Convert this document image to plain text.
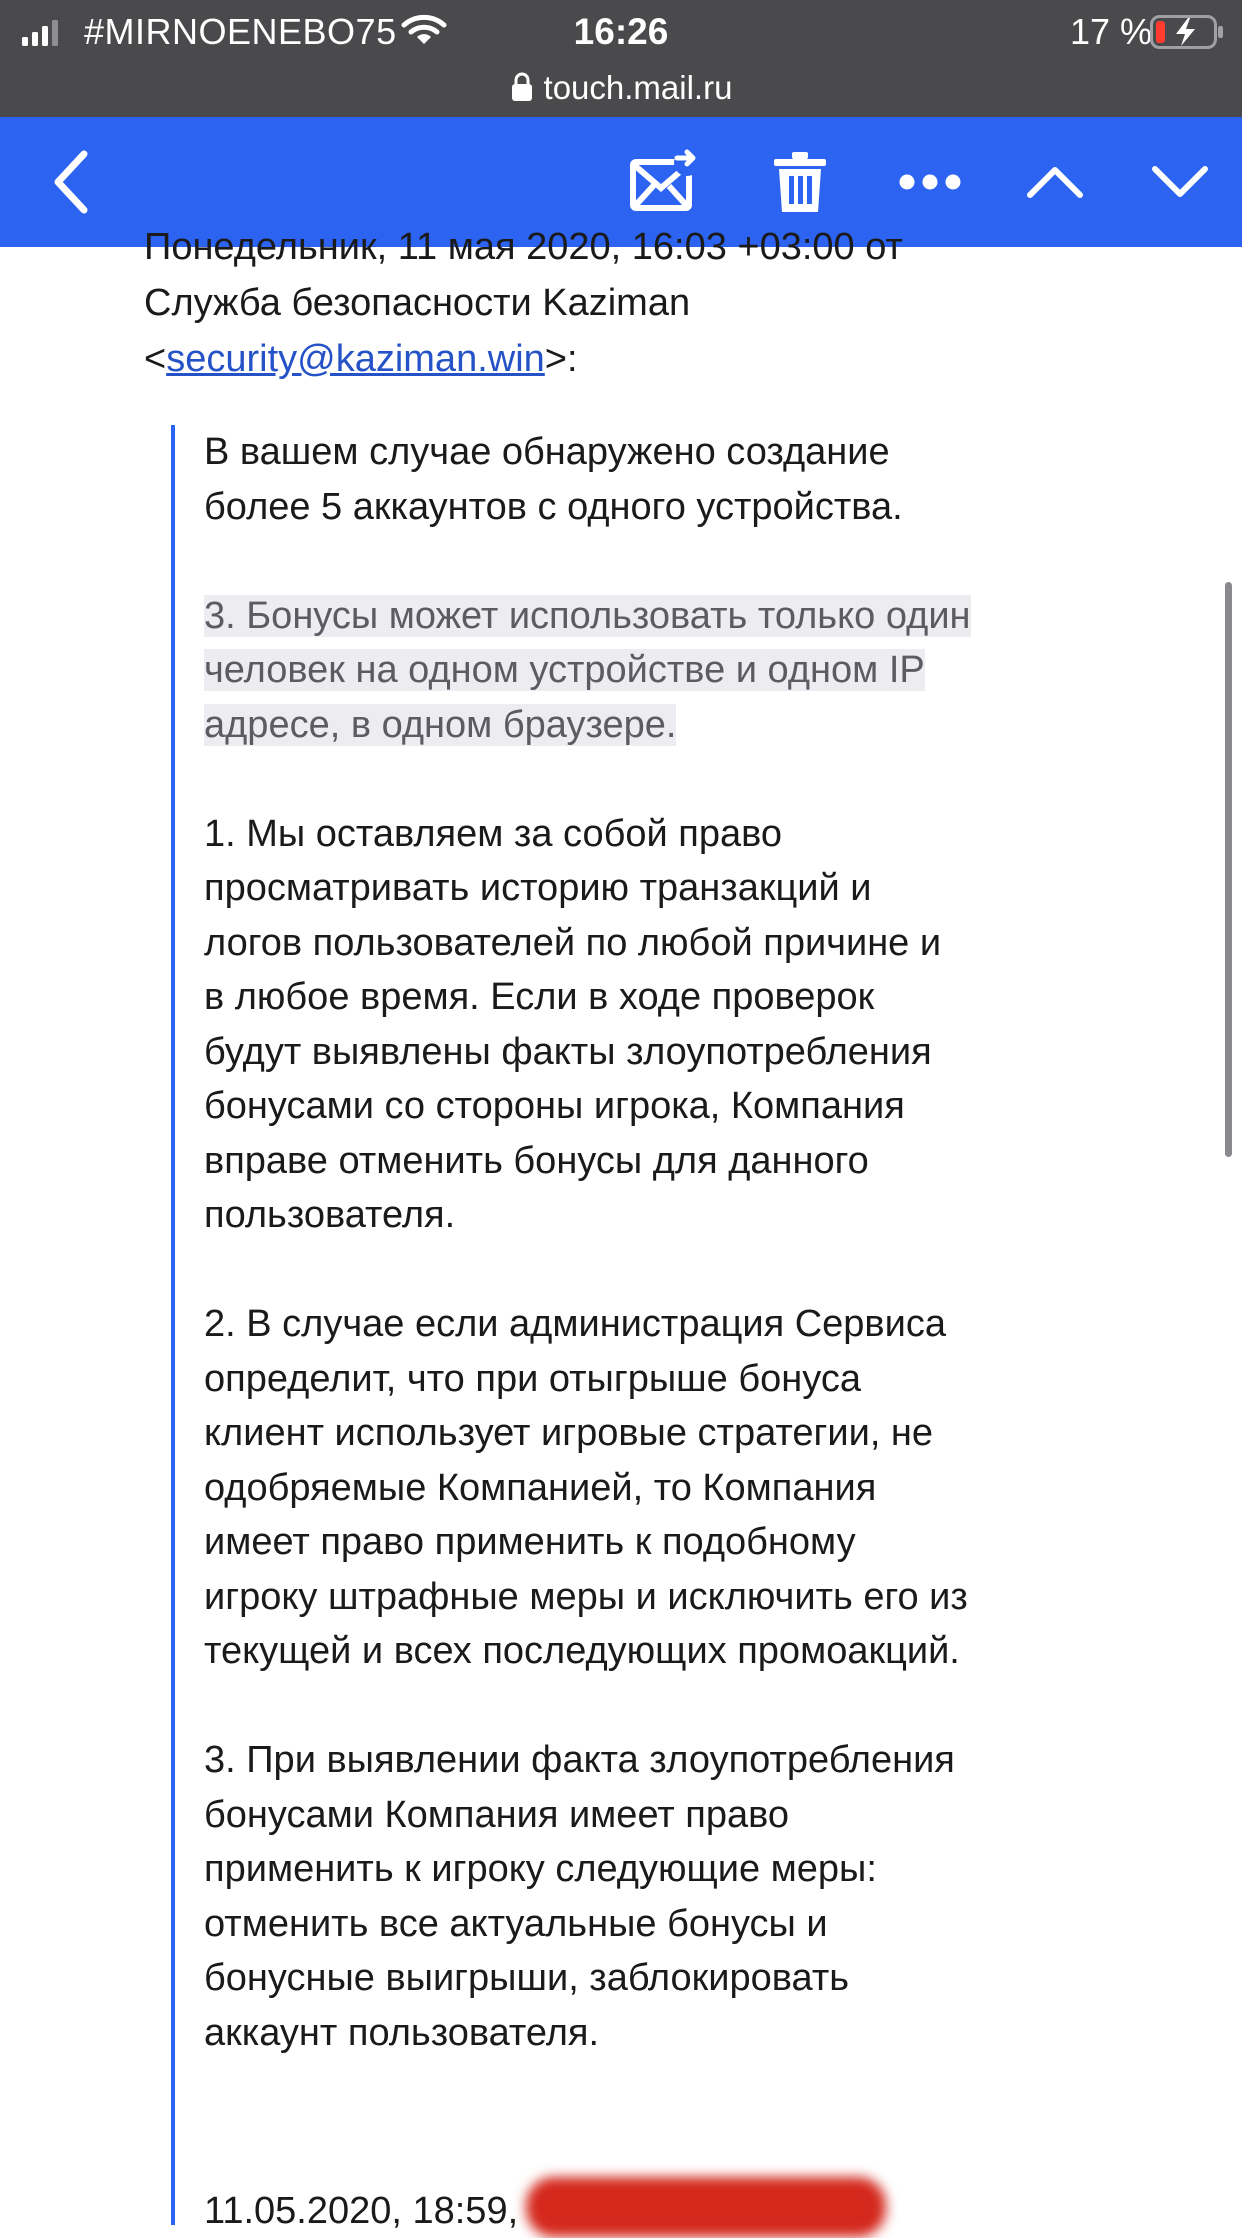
#MIRNOENEBO75	16:26	17 %
touch.mail.ru
Понедельник, 11 мая 2020, 16:03 +03:00 от
Служба безопасности Kaziman
<security@kaziman.win>:

В вашем случае обнаружено создание

более 5 аккаунтов с одного устройства.

3. Бонусы может использовать только один

человек на одном устройстве и одном IP

адресе, в одном браузере.

1. Мы оставляем за собой право

просматривать историю транзакций и

логов пользователей по любой причине и

в любое время. Если в ходе проверок

будут выявлены факты злоупотребления

бонусами со стороны игрока, Компания

вправе отменить бонусы для данного

пользователя.

2. В случае если администрация Сервиса

определит, что при отыгрыше бонуса

клиент использует игровые стратегии, не

одобряемые Компанией, то Компания

имеет право применить к подобному

игроку штрафные меры и исключить его из

текущей и всех последующих промоакций.

3. При выявлении факта злоупотребления

бонусами Компания имеет право

применить к игроку следующие меры:

отменить все актуальные бонусы и

бонусные выигрыши, заблокировать

аккаунт пользователя.

11.05.2020, 18:59,
